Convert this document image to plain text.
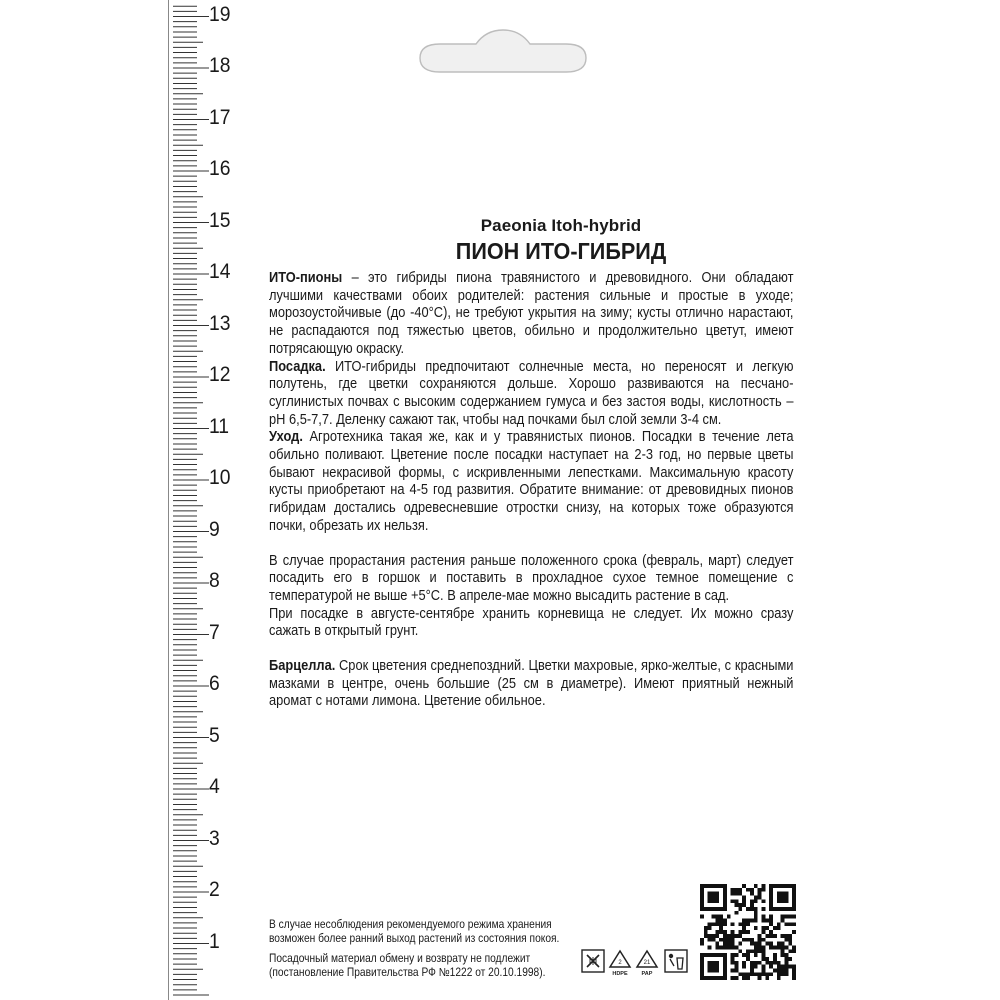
19
18
17
16
15
14
13
12
11
10
9
8
7
6
5
4
3
2
1
Paeonia Itoh-hybrid
ПИОН ИТО-ГИБРИД

ИТО-пионы – это гибриды пиона травянистого и древовидного. Они обладают лучшими качествами обоих родителей: растения сильные и простые в уходе; морозоустойчивые (до -40°С), не требуют укрытия на зиму; кусты отлично нарастают, не распадаются под тяжестью цветов, обильно и продолжительно цветут, имеют потрясающую окраску.

Посадка. ИТО-гибриды предпочитают солнечные места, но переносят и легкую полутень, где цветки сохраняются дольше. Хорошо развиваются на песчано-суглинистых почвах с высоким содержанием гумуса и без застоя воды, кислотность – pH 6,5-7,7. Деленку сажают так, чтобы над почками был слой земли 3-4 см.

Уход. Агротехника такая же, как и у травянистых пионов. Посадки в течение лета обильно поливают. Цветение после посадки наступает на 2-3 год, но первые цветы бывают некрасивой формы, с искривленными лепестками. Максимальную красоту кусты приобретают на 4-5 год развития. Обратите внимание: от древовидных пионов гибридам достались одревесневшие отростки снизу, на которых тоже образуются почки, обрезать их нельзя.

В случае прорастания растения раньше положенного срока (февраль, март) следует посадить его в горшок и поставить в прохладное сухое темное помещение с температурой не выше +5°С. В апреле-мае можно высадить растение в сад.

При посадке в августе-сентябре хранить корневища не следует. Их можно сразу сажать в открытый грунт.

Барцелла. Срок цветения среднепоздний. Цветки махровые, ярко-желтые, с красными мазками в центре, очень большие (25 см в диаметре). Имеют приятный нежный аромат с нотами лимона. Цветение обильное.

В случае несоблюдения рекомендуемого режима хранения

возможен более ранний выход растений из состояния покоя.

Посадочный материал обмену и возврату не подлежит

(постановление Правительства РФ №1222 от 20.10.1998).

2
HDPE
21
PAP
